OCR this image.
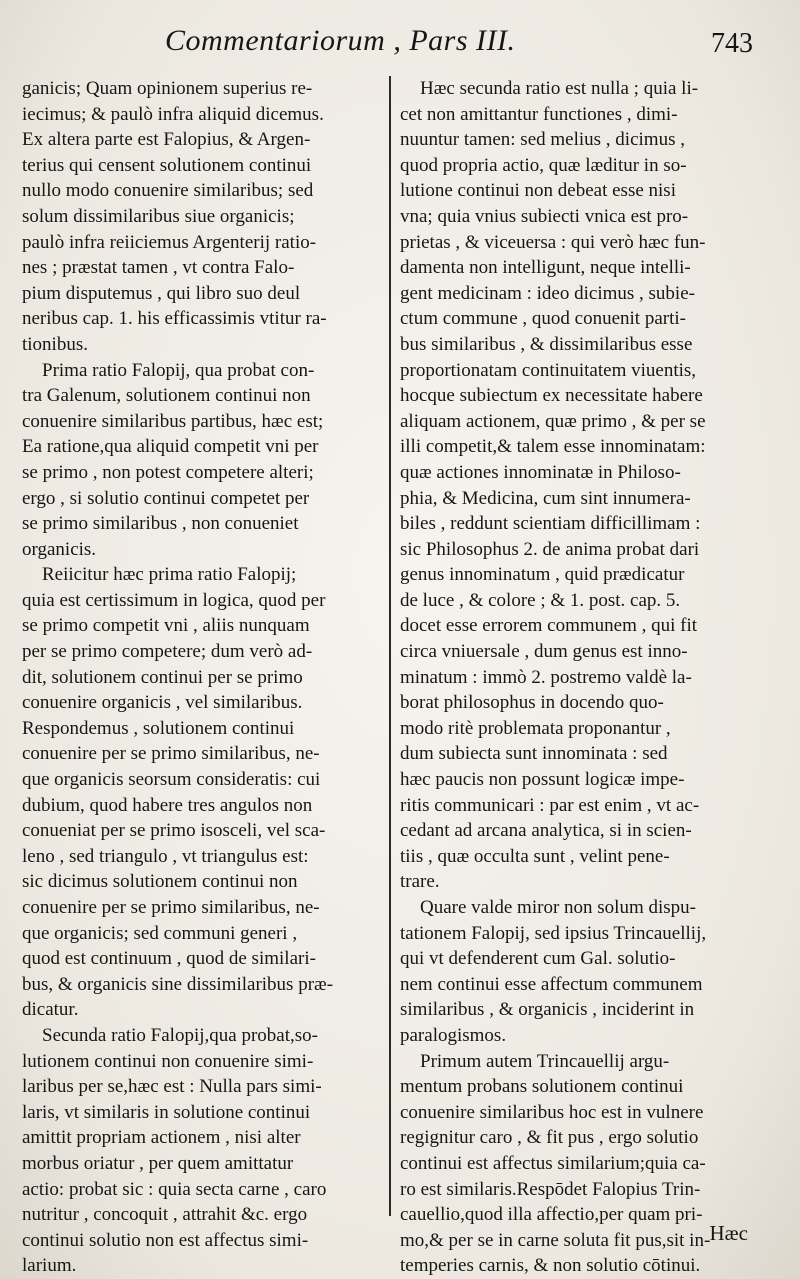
Commentariorum , Pars III.	743

ganicis; Quam opinionem superius re-
iecimus; & paulò infra aliquid dicemus.
Ex altera parte est Falopius, & Argen-
terius qui censent solutionem continui
nullo modo conuenire similaribus; sed
solum dissimilaribus siue organicis;
paulò infra reiiciemus Argenterij ratio-
nes ; præstat tamen , vt contra Falo-
pium disputemus , qui libro suo deul
neribus cap. 1. his efficassimis vtitur ra-
tionibus.

Prima ratio Falopij, qua probat con-
tra Galenum, solutionem continui non
conuenire similaribus partibus, hæc est;
Ea ratione,qua aliquid competit vni per
se primo , non potest competere alteri;
ergo , si solutio continui competet per
se primo similaribus , non conueniet
organicis.

Reiicitur hæc prima ratio Falopij;
quia est certissimum in logica, quod per
se primo competit vni , aliis nunquam
per se primo competere; dum verò ad-
dit, solutionem continui per se primo
conuenire organicis , vel similaribus.
Respondemus , solutionem continui
conuenire per se primo similaribus, ne-
que organicis seorsum consideratis: cui
dubium, quod habere tres angulos non
conueniat per se primo isosceli, vel sca-
leno , sed triangulo , vt triangulus est:
sic dicimus solutionem continui non
conuenire per se primo similaribus, ne-
que organicis; sed communi generi ,
quod est continuum , quod de similari-
bus, & organicis sine dissimilaribus præ-
dicatur.

Secunda ratio Falopij,qua probat,so-
lutionem continui non conuenire simi-
laribus per se,hæc est : Nulla pars simi-
laris, vt similaris in solutione continui
amittit propriam actionem , nisi alter
morbus oriatur , per quem amittatur
actio: probat sic : quia secta carne , caro
nutritur , concoquit , attrahit &c. ergo
continui solutio non est affectus simi-
larium.

Hæc secunda ratio est nulla ; quia li-
cet non amittantur functiones , dimi-
nuuntur tamen: sed melius , dicimus ,
quod propria actio, quæ læditur in so-
lutione continui non debeat esse nisi
vna; quia vnius subiecti vnica est pro-
prietas , & viceuersa : qui verò hæc fun-
damenta non intelligunt, neque intelli-
gent medicinam : ideo dicimus , subie-
ctum commune , quod conuenit parti-
bus similaribus , & dissimilaribus esse
proportionatam continuitatem viuentis,
hocque subiectum ex necessitate habere
aliquam actionem, quæ primo , & per se
illi competit,& talem esse innominatam:
quæ actiones innominatæ in Philoso-
phia, & Medicina, cum sint innumera-
biles , reddunt scientiam difficillimam :
sic Philosophus 2. de anima probat dari
genus innominatum , quid prædicatur
de luce , & colore ; & 1. post. cap. 5.
docet esse errorem communem , qui fit
circa vniuersale , dum genus est inno-
minatum : immò 2. postremo valdè la-
borat philosophus in docendo quo-
modo ritè problemata proponantur ,
dum subiecta sunt innominata : sed
hæc paucis non possunt logicæ impe-
ritis communicari : par est enim , vt ac-
cedant ad arcana analytica, si in scien-
tiis , quæ occulta sunt , velint pene-
trare.

Quare valde miror non solum dispu-
tationem Falopij, sed ipsius Trincauellij,
qui vt defenderent cum Gal. solutio-
nem continui esse affectum communem
similaribus , & organicis , inciderint in
paralogismos.

Primum autem Trincauellij argu-
mentum probans solutionem continui
conuenire similaribus hoc est in vulnere
regignitur caro , & fit pus , ergo solutio
continui est affectus similarium;quia ca-
ro est similaris.Respōdet Falopius Trin-
cauellio,quod illa affectio,per quam pri-
mo,& per se in carne soluta fit pus,sit in-
temperies carnis, & non solutio cōtinui.

Hæc
